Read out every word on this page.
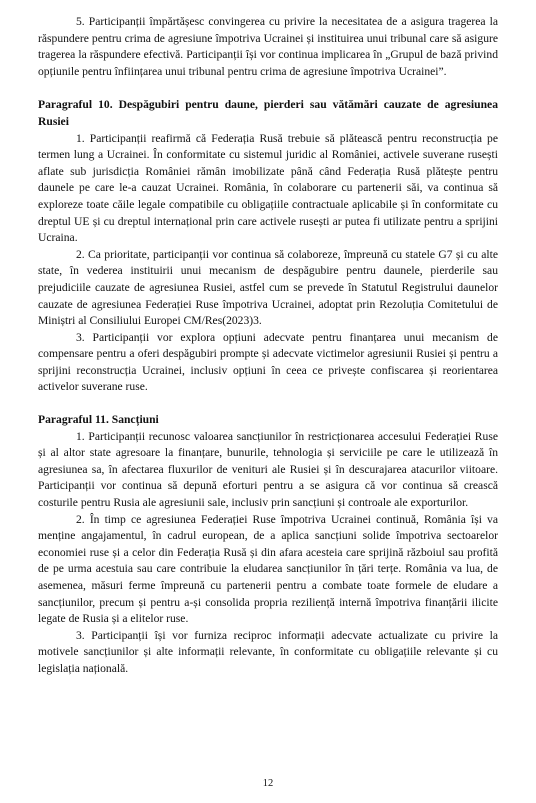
5. Participanții împărtășesc convingerea cu privire la necesitatea de a asigura tragerea la răspundere pentru crima de agresiune împotriva Ucrainei și instituirea unui tribunal care să asigure tragerea la răspundere efectivă. Participanții își vor continua implicarea în „Grupul de bază privind opțiunile pentru înființarea unui tribunal pentru crima de agresiune împotriva Ucrainei”.

Paragraful 10. Despăgubiri pentru daune, pierderi sau vătămări cauzate de agresiunea Rusiei

1. Participanții reafirmă că Federația Rusă trebuie să plătească pentru reconstrucția pe termen lung a Ucrainei. În conformitate cu sistemul juridic al României, activele suverane rusești aflate sub jurisdicția României rămân imobilizate până când Federația Rusă plătește pentru daunele pe care le-a cauzat Ucrainei. România, în colaborare cu partenerii săi, va continua să exploreze toate căile legale compatibile cu obligațiile contractuale aplicabile și în conformitate cu dreptul UE și cu dreptul internațional prin care activele rusești ar putea fi utilizate pentru a sprijini Ucraina.

2. Ca prioritate, participanții vor continua să colaboreze, împreună cu statele G7 și cu alte state, în vederea instituirii unui mecanism de despăgubire pentru daunele, pierderile sau prejudiciile cauzate de agresiunea Rusiei, astfel cum se prevede în Statutul Registrului daunelor cauzate de agresiunea Federației Ruse împotriva Ucrainei, adoptat prin Rezoluția Comitetului de Miniștri al Consiliului Europei CM/Res(2023)3.

3. Participanții vor explora opțiuni adecvate pentru finanțarea unui mecanism de compensare pentru a oferi despăgubiri prompte și adecvate victimelor agresiunii Rusiei și pentru a sprijini reconstrucția Ucrainei, inclusiv opțiuni în ceea ce privește confiscarea și reorientarea activelor suverane ruse.

Paragraful 11. Sancțiuni

1. Participanții recunosc valoarea sancțiunilor în restricționarea accesului Federației Ruse și al altor state agresoare la finanțare, bunurile, tehnologia și serviciile pe care le utilizează în agresiunea sa, în afectarea fluxurilor de venituri ale Rusiei și în descurajarea atacurilor viitoare. Participanții vor continua să depună eforturi pentru a se asigura că vor continua să crească costurile pentru Rusia ale agresiunii sale, inclusiv prin sancțiuni și controale ale exporturilor.

2. În timp ce agresiunea Federației Ruse împotriva Ucrainei continuă, România își va menține angajamentul, în cadrul european, de a aplica sancțiuni solide împotriva sectoarelor economiei ruse și a celor din Federația Rusă și din afara acesteia care sprijină războiul sau profită de pe urma acestuia sau care contribuie la eludarea sancțiunilor în țări terțe. România va lua, de asemenea, măsuri ferme împreună cu partenerii pentru a combate toate formele de eludare a sancțiunilor, precum și pentru a-și consolida propria reziliență internă împotriva finanțării ilicite legate de Rusia și a elitelor ruse.

3. Participanții își vor furniza reciproc informații adecvate actualizate cu privire la motivele sancțiunilor și alte informații relevante, în conformitate cu obligațiile relevante și cu legislația națională.

12
